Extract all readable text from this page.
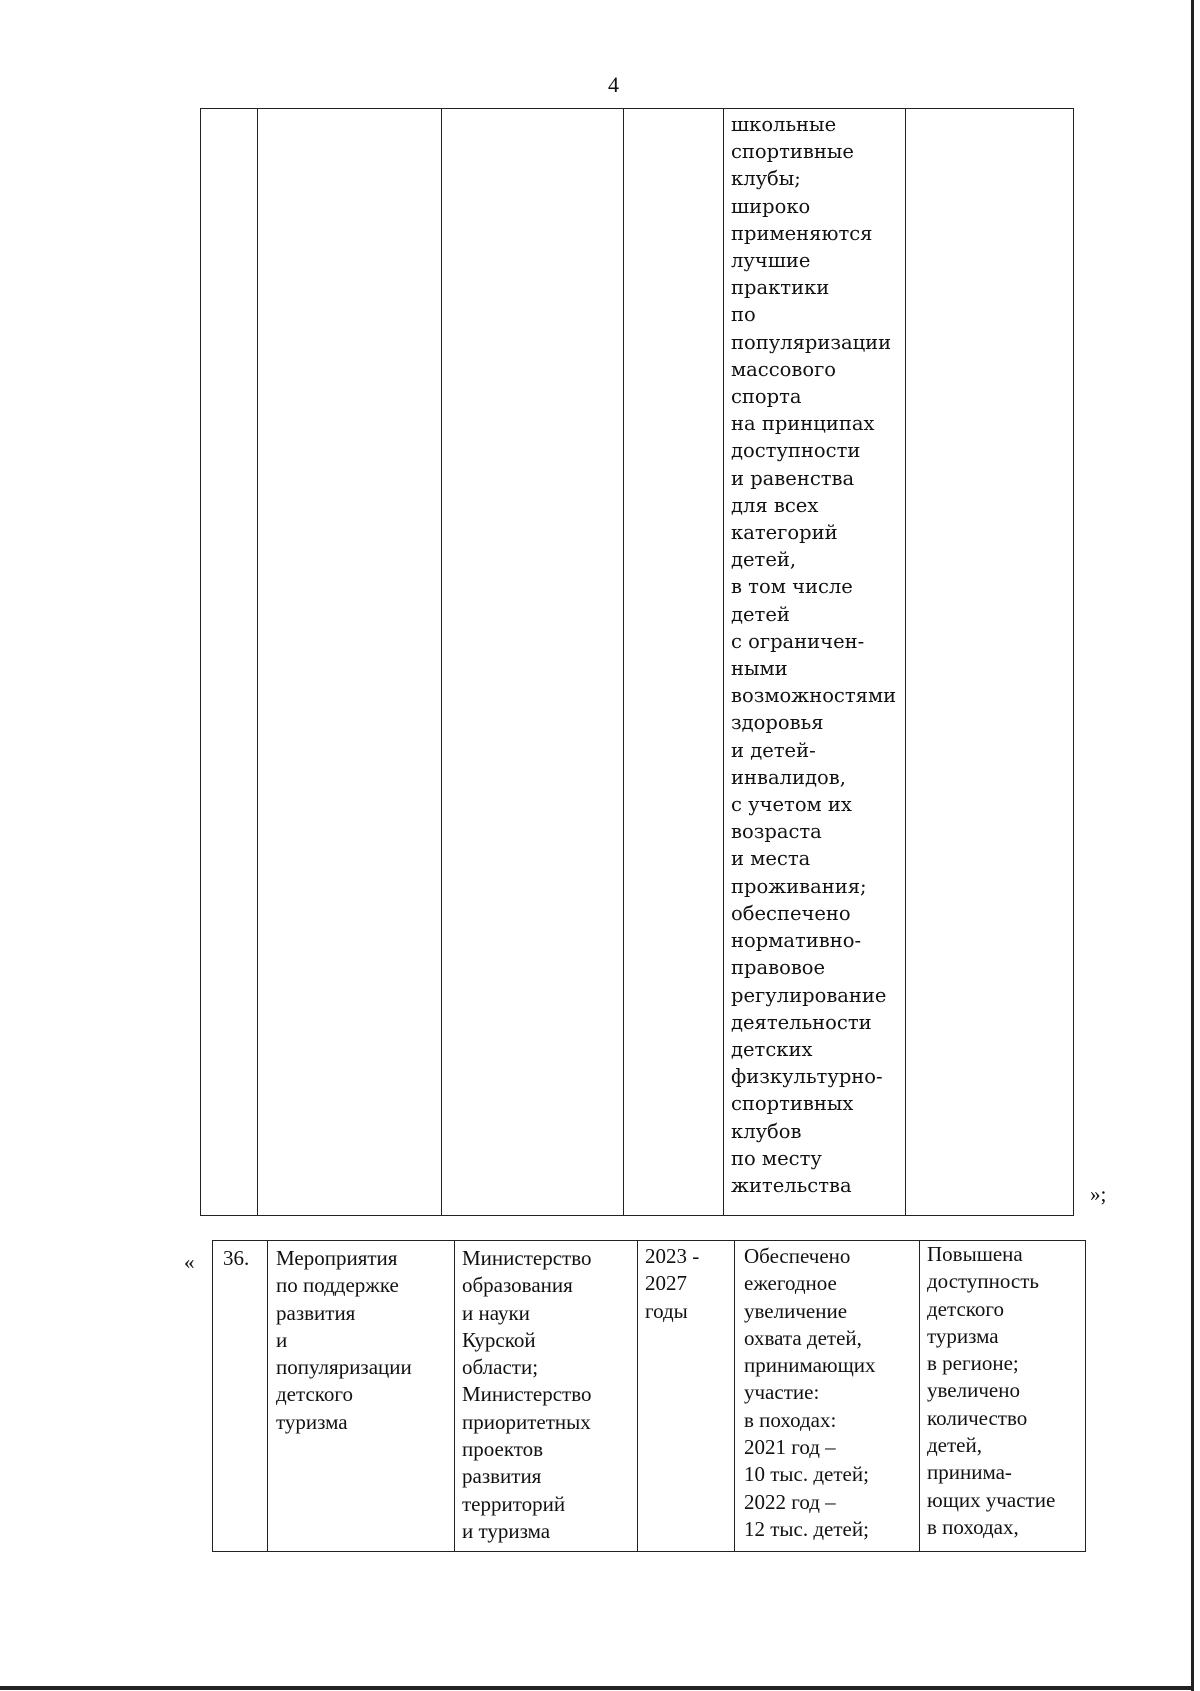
4
школьные
спортивные
клубы;
широко
применяются
лучшие
практики
по
популяризации
массового
спорта
на принципах
доступности
и равенства
для всех
категорий
детей,
в том числе
детей
с ограничен-
ными
возможностями
здоровья
и детей-
инвалидов,
с учетом их
возраста
и места
проживания;
обеспечено
нормативно-
правовое
регулирование
деятельности
детских
физкультурно-
спортивных
клубов
по месту
жительства	»;
« 36. Мероприятия
по поддержке
развития
и
популяризации
детского
туризма
Министерство
образования
и науки
Курской
области;
Министерство
приоритетных
проектов
развития
территорий
и туризма
2023 -
2027
годы
Обеспечено
ежегодное
увеличение
охвата детей,
принимающих
участие:
в походах:
2021 год –
10 тыс. детей;
2022 год –
12 тыс. детей;
Повышена
доступность
детского
туризма
в регионе;
увеличено
количество
детей,
принима-
ющих участие
в походах,
